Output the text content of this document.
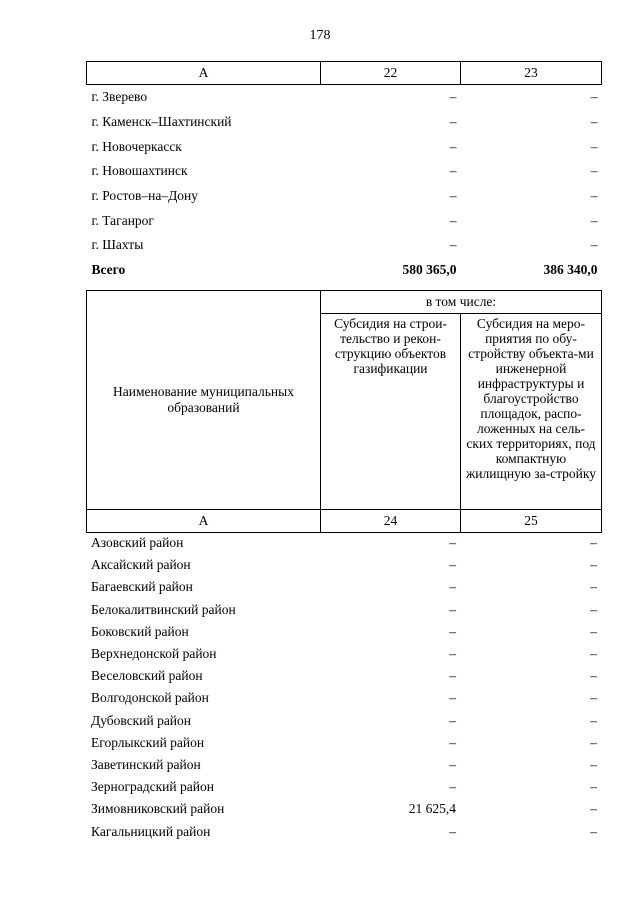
178
А	22	23
г. Зверево	–	–
г. Каменск–Шахтинский	–	–
г. Новочеркасск	–	–
г. Новошахтинск	–	–
г. Ростов–на–Дону	–	–
г. Таганрог	–	–
г. Шахты	–	–
Всего	580 365,0	386 340,0
Наименование муниципальных образований	в том числе:	
	Субсидия на строи-тельство и рекон-струкцию объектов газификации	Субсидия на меро-приятия по обу-стройству объекта-ми инженерной инфраструктуры и благоустройство площадок, распо-ложенных на сель-ских территориях, под компактную жилищную за-стройку
А	24	25
Азовский район	–	–
Аксайский район	–	–
Багаевский район	–	–
Белокалитвинский район	–	–
Боковский район	–	–
Верхнедонской район	–	–
Веселовский район	–	–
Волгодонской район	–	–
Дубовский район	–	–
Егорлыкский район	–	–
Заветинский район	–	–
Зерноградский район	–	–
Зимовниковский район	21 625,4	–
Кагальницкий район	–	–
